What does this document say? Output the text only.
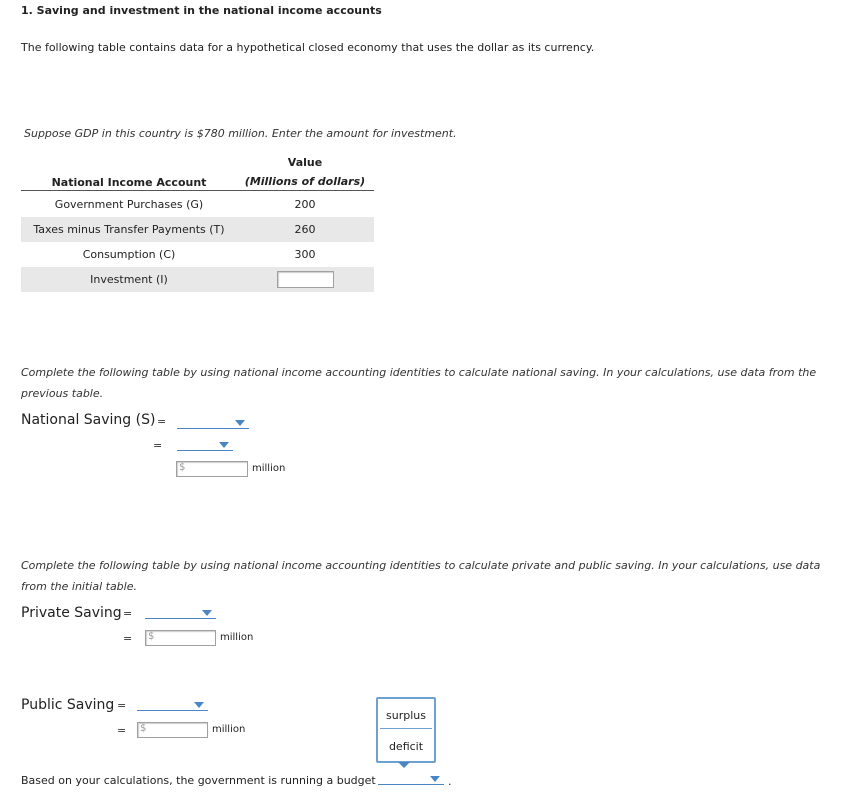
1. Saving and investment in the national income accounts
The following table contains data for a hypothetical closed economy that uses the dollar as its currency.
Suppose GDP in this country is $780 million. Enter the amount for investment.
Value
(Millions of dollars)
National Income Account
Government Purchases (G)	200
Taxes minus Transfer Payments (T)	260
Consumption (C)	300
Investment (I)
Complete the following table by using national income accounting identities to calculate national saving. In your calculations, use data from the previous table.
National Saving (S) =
=
$	million
Complete the following table by using national income accounting identities to calculate private and public saving. In your calculations, use data from the initial table.
Private Saving =
= $	million
Public Saving =
= $	million
surplus
deficit
Based on your calculations, the government is running a budget	.
